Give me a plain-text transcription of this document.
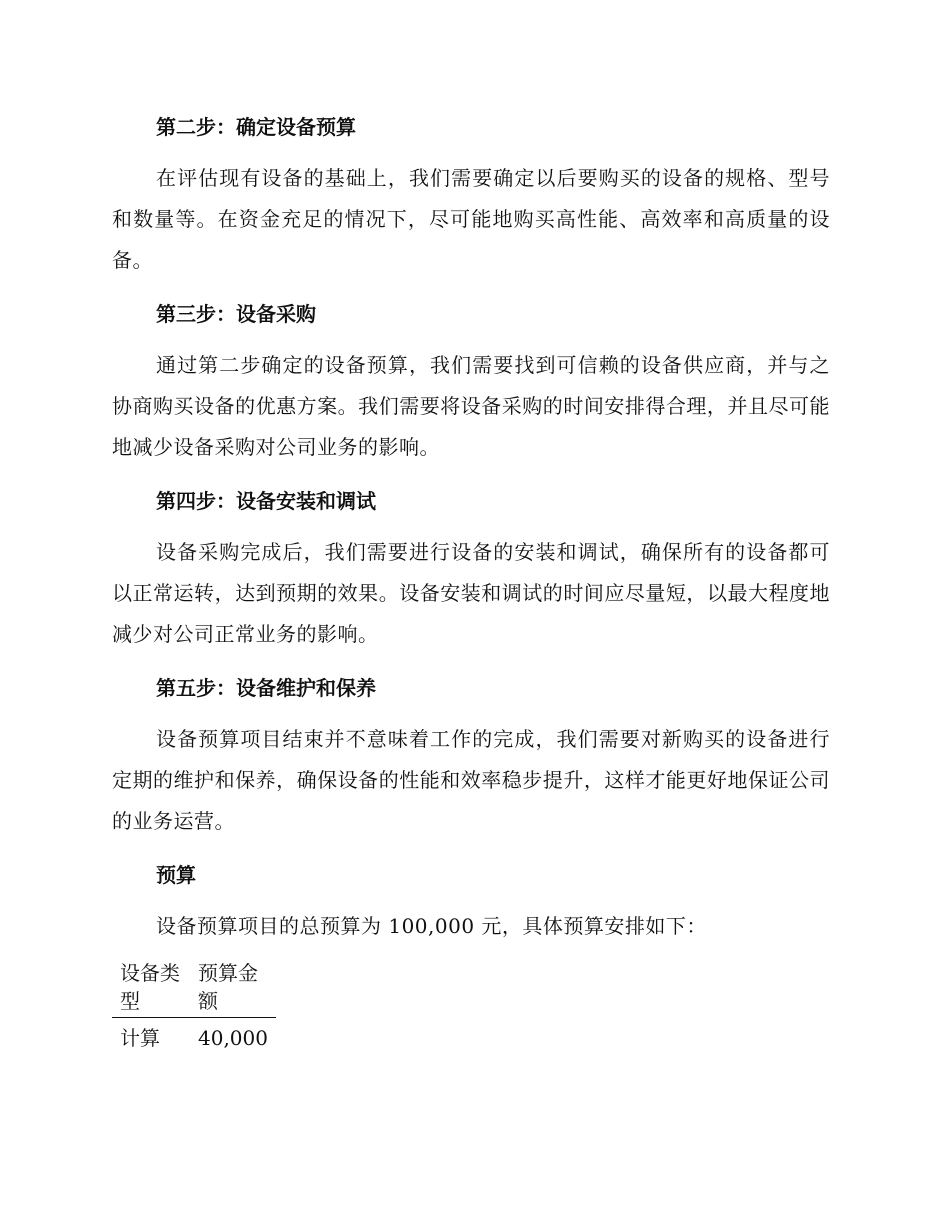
第二步：确定设备预算

在评估现有设备的基础上，我们需要确定以后要购买的设备的规格、型号和数量等。在资金充足的情况下，尽可能地购买高性能、高效率和高质量的设备。

第三步：设备采购

通过第二步确定的设备预算，我们需要找到可信赖的设备供应商，并与之协商购买设备的优惠方案。我们需要将设备采购的时间安排得合理，并且尽可能地减少设备采购对公司业务的影响。

第四步：设备安装和调试

设备采购完成后，我们需要进行设备的安装和调试，确保所有的设备都可以正常运转，达到预期的效果。设备安装和调试的时间应尽量短，以最大程度地减少对公司正常业务的影响。

第五步：设备维护和保养

设备预算项目结束并不意味着工作的完成，我们需要对新购买的设备进行定期的维护和保养，确保设备的性能和效率稳步提升，这样才能更好地保证公司的业务运营。

预算

设备预算项目的总预算为 100,000 元，具体预算安排如下：

设备类型	预算金额
计算	40,000
